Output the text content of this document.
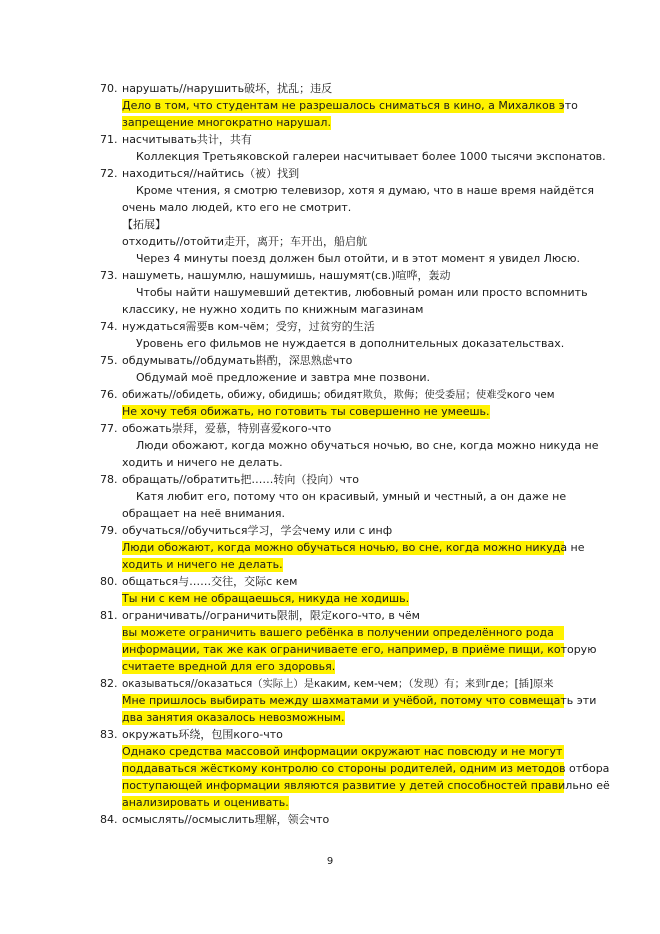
70. нарушать//нарушить破坏，扰乱；违反
Дело в том, что студентам не разрешалось сниматься в кино, а Михалков это
запрещение многократно нарушал.
71. насчитывать共计，共有
Коллекция Третьяковской галереи насчитывает более 1000 тысячи экспонатов.
72. находиться//найтись（被）找到
Кроме чтения, я смотрю телевизор, хотя я думаю, что в наше время найдётся
очень мало людей, кто его не смотрит.
【拓展】
отходить//отойти走开，离开；车开出，船启航
Через 4 минуты поезд должен был отойти, и в этот момент я увидел Люсю.
73. нашуметь, нашумлю, нашумишь, нашумят(св.)喧哗，轰动
Чтобы найти нашумевший детектив, любовный роман или просто вспомнить
классику, не нужно ходить по книжным магазинам
74. нуждаться需要в ком-чём；受穷，过贫穷的生活
Уровень его фильмов не нуждается в дополнительных доказательствах.
75. обдумывать//обдумать斟酌，深思熟虑что
Обдумай моё предложение и завтра мне позвони.
76. обижать//обидеть, обижу, обидишь; обидят欺负，欺侮；使受委屈；使难受кого чем
Не хочу тебя обижать, но готовить ты совершенно не умеешь.
77. обожать崇拜，爱慕，特别喜爱кого-что
Люди обожают, когда можно обучаться ночью, во сне, когда можно никуда не
ходить и ничего не делать.
78. обращать//обратить把……转向（投向）что
Катя любит его, потому что он красивый, умный и честный, а он даже не
обращает на неё внимания.
79. обучаться//обучиться学习，学会чему или с инф
Люди обожают, когда можно обучаться ночью, во сне, когда можно никуда не
ходить и ничего не делать.
80. общаться与……交往，交际с кем
Ты ни с кем не обращаешься, никуда не ходишь.
81. ограничивать//ограничить限制，限定кого-что, в чём
вы можете ограничить вашего ребёнка в получении определённого рода
информации, так же как ограничиваете его, например, в приёме пищи, которую
считаете вредной для его здоровья.
82. оказываться//оказаться（实际上）是каким, кем-чем；（发现）有；来到где；[插]原来
Мне пришлось выбирать между шахматами и учёбой, потому что совмещать эти
два занятия оказалось невозможным.
83. окружать环绕，包围кого-что
Однако средства массовой информации окружают нас повсюду и не могут
поддаваться жёсткому контролю со стороны родителей, одним из методов отбора
поступающей информации являются развитие у детей способностей правильно её
анализировать и оценивать.
84. осмыслять//осмыслить理解，领会что
9
